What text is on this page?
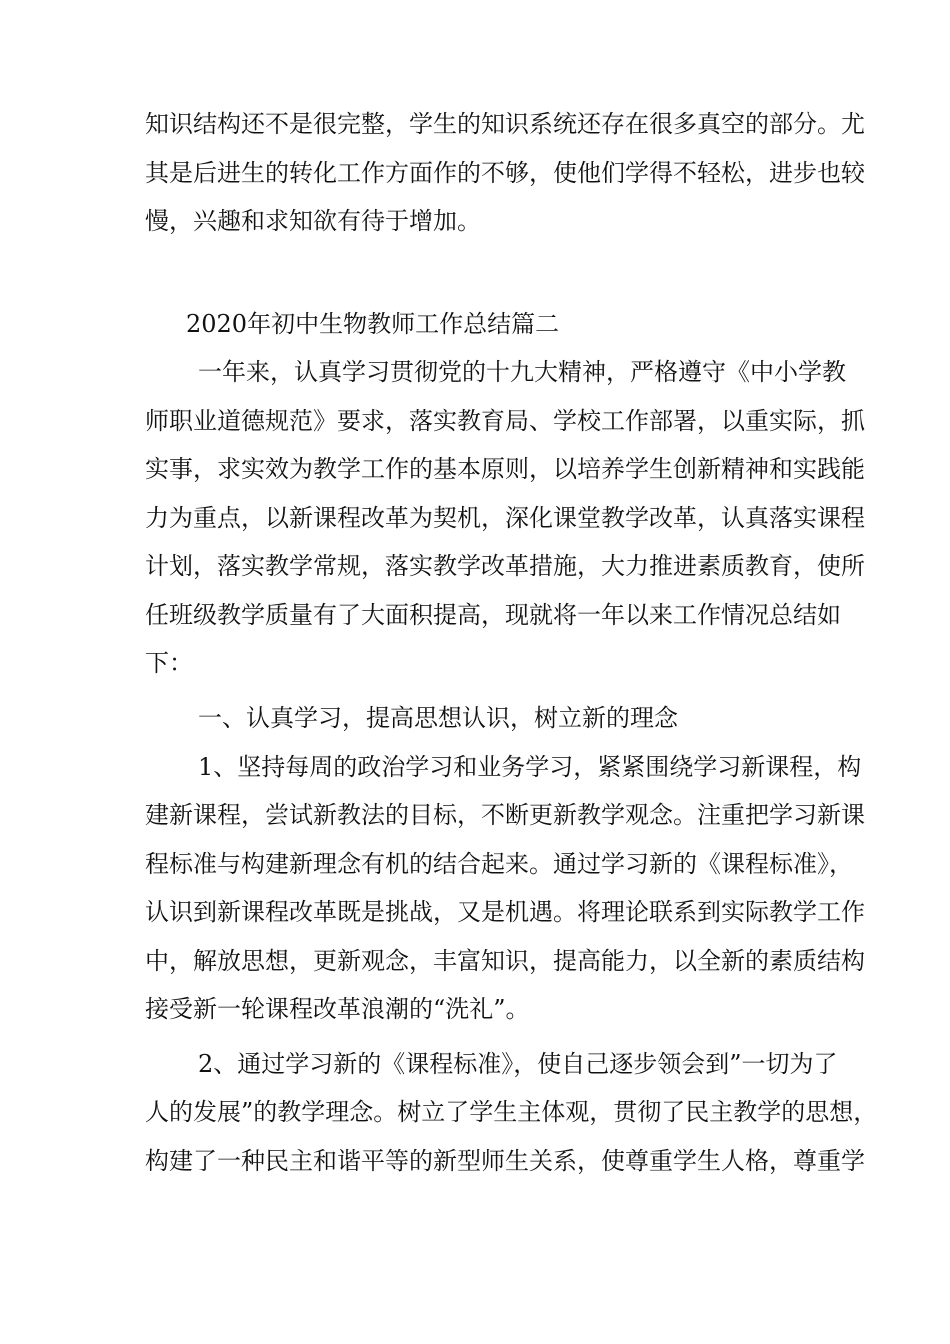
知识结构还不是很完整，学生的知识系统还存在很多真空的部分。尤
其是后进生的转化工作方面作的不够，使他们学得不轻松，进步也较
慢，兴趣和求知欲有待于增加。
2020年初中生物教师工作总结篇二
一年来，认真学习贯彻党的十九大精神，严格遵守《中小学教
师职业道德规范》要求，落实教育局、学校工作部署，以重实际，抓
实事，求实效为教学工作的基本原则，以培养学生创新精神和实践能
力为重点，以新课程改革为契机，深化课堂教学改革，认真落实课程
计划，落实教学常规，落实教学改革措施，大力推进素质教育，使所
任班级教学质量有了大面积提高，现就将一年以来工作情况总结如
下：
一、认真学习，提高思想认识，树立新的理念
1、坚持每周的政治学习和业务学习，紧紧围绕学习新课程，构
建新课程，尝试新教法的目标，不断更新教学观念。注重把学习新课
程标准与构建新理念有机的结合起来。通过学习新的《课程标准》，
认识到新课程改革既是挑战，又是机遇。将理论联系到实际教学工作
中，解放思想，更新观念，丰富知识，提高能力，以全新的素质结构
接受新一轮课程改革浪潮的“洗礼”。
2、通过学习新的《课程标准》，使自己逐步领会到”一切为了
人的发展”的教学理念。树立了学生主体观，贯彻了民主教学的思想，
构建了一种民主和谐平等的新型师生关系，使尊重学生人格，尊重学
